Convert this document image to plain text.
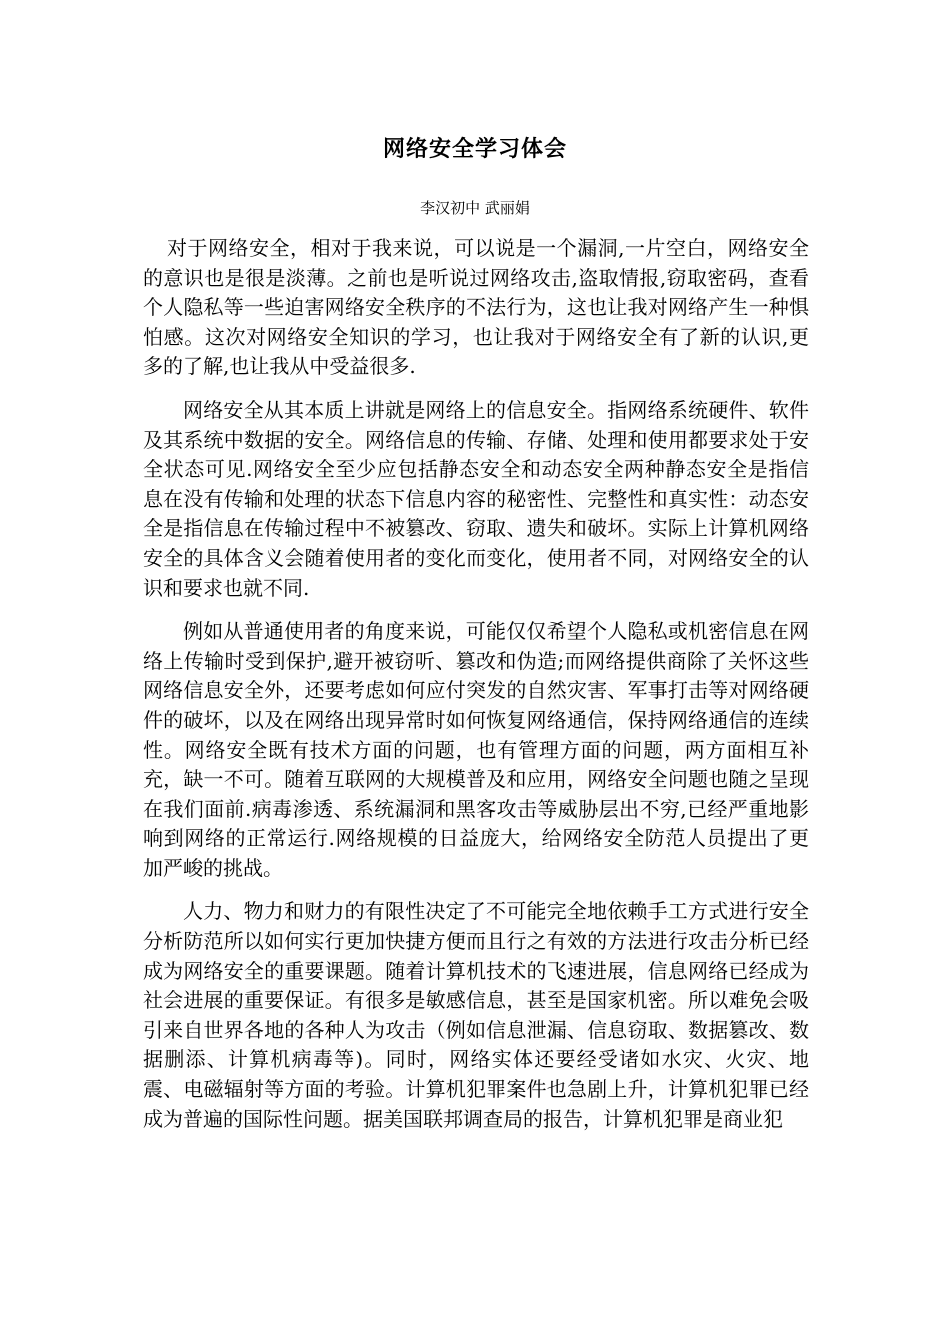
网络安全学习体会

李汉初中 武丽娟

对于网络安全，相对于我来说，可以说是一个漏洞,一片空白，网络安全的意识也是很是淡薄。之前也是听说过网络攻击,盗取情报,窃取密码，查看个人隐私等一些迫害网络安全秩序的不法行为，这也让我对网络产生一种惧怕感。这次对网络安全知识的学习，也让我对于网络安全有了新的认识,更多的了解,也让我从中受益很多.

网络安全从其本质上讲就是网络上的信息安全。指网络系统硬件、软件及其系统中数据的安全。网络信息的传输、存储、处理和使用都要求处于安全状态可见.网络安全至少应包括静态安全和动态安全两种静态安全是指信息在没有传输和处理的状态下信息内容的秘密性、完整性和真实性：动态安全是指信息在传输过程中不被篡改、窃取、遗失和破坏。实际上计算机网络安全的具体含义会随着使用者的变化而变化，使用者不同，对网络安全的认识和要求也就不同.

例如从普通使用者的角度来说，可能仅仅希望个人隐私或机密信息在网络上传输时受到保护,避开被窃听、篡改和伪造;而网络提供商除了关怀这些网络信息安全外，还要考虑如何应付突发的自然灾害、军事打击等对网络硬件的破坏，以及在网络出现异常时如何恢复网络通信，保持网络通信的连续性。网络安全既有技术方面的问题，也有管理方面的问题，两方面相互补充，缺一不可。随着互联网的大规模普及和应用，网络安全问题也随之呈现在我们面前.病毒渗透、系统漏洞和黑客攻击等威胁层出不穷,已经严重地影响到网络的正常运行.网络规模的日益庞大，给网络安全防范人员提出了更加严峻的挑战。

人力、物力和财力的有限性决定了不可能完全地依赖手工方式进行安全分析防范所以如何实行更加快捷方便而且行之有效的方法进行攻击分析已经成为网络安全的重要课题。随着计算机技术的飞速进展，信息网络已经成为社会进展的重要保证。有很多是敏感信息，甚至是国家机密。所以难免会吸引来自世界各地的各种人为攻击（例如信息泄漏、信息窃取、数据篡改、数据删添、计算机病毒等)。同时，网络实体还要经受诸如水灾、火灾、地震、电磁辐射等方面的考验。计算机犯罪案件也急剧上升，计算机犯罪已经成为普遍的国际性问题。据美国联邦调查局的报告，计算机犯罪是商业犯
